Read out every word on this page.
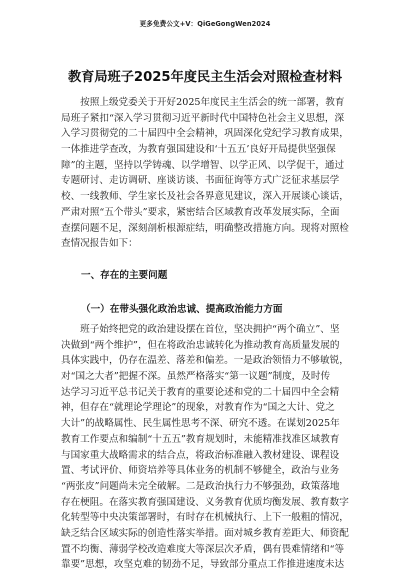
更多免费公文+V：QiGeGongWen2024
教育局班子2025年度民主生活会对照检查材料
　　按照上级党委关于开好2025年度民主生活会的统一部署，教育
局班子紧扣“深入学习贯彻习近平新时代中国特色社会主义思想，深
入学习贯彻党的二十届四中全会精神，巩固深化党纪学习教育成果，
一体推进学查改，为教育强国建设和‘十五五’良好开局提供坚强保
障”的主题，坚持以学铸魂、以学增智、以学正风、以学促干，通过
专题研讨、走访调研、座谈访谈、书面征询等方式广泛征求基层学
校、一线教师、学生家长及社会各界意见建议，深入开展谈心谈话，
严肃对照“五个带头”要求，紧密结合区域教育改革发展实际，全面
查摆问题不足，深刻剖析根源症结，明确整改措施方向。现将对照检
查情况报告如下：
一、存在的主要问题
（一）在带头强化政治忠诚、提高政治能力方面
　　班子始终把党的政治建设摆在首位，坚决拥护“两个确立”、坚
决做到“两个维护”，但在将政治忠诚转化为推动教育高质量发展的
具体实践中，仍存在温差、落差和偏差。一是政治领悟力不够敏锐，
对“国之大者”把握不深。虽然严格落实“第一议题”制度，及时传
达学习习近平总书记关于教育的重要论述和党的二十届四中全会精
神，但存在“就理论学理论”的现象，对教育作为“国之大计、党之
大计”的战略属性、民生属性思考不深、研究不透。在谋划2025年
教育工作要点和编制“十五五”教育规划时，未能精准找准区域教育
与国家重大战略需求的结合点，将政治标准融入教材建设、课程设
置、考试评价、师资培养等具体业务的机制不够健全，政治与业务
“两张皮”问题尚未完全破解。二是政治执行力不够强劲，政策落地
存在梗阻。在落实教育强国建设、义务教育优质均衡发展、教育数字
化转型等中央决策部署时，有时存在机械执行、上下一般粗的情况，
缺乏结合区域实际的创造性落实举措。面对城乡教育差距大、师资配
置不均衡、薄弱学校改造难度大等深层次矛盾，偶有畏难情绪和“等
靠要”思想，攻坚克难的韧劲不足，导致部分重点工作推进速度未达
